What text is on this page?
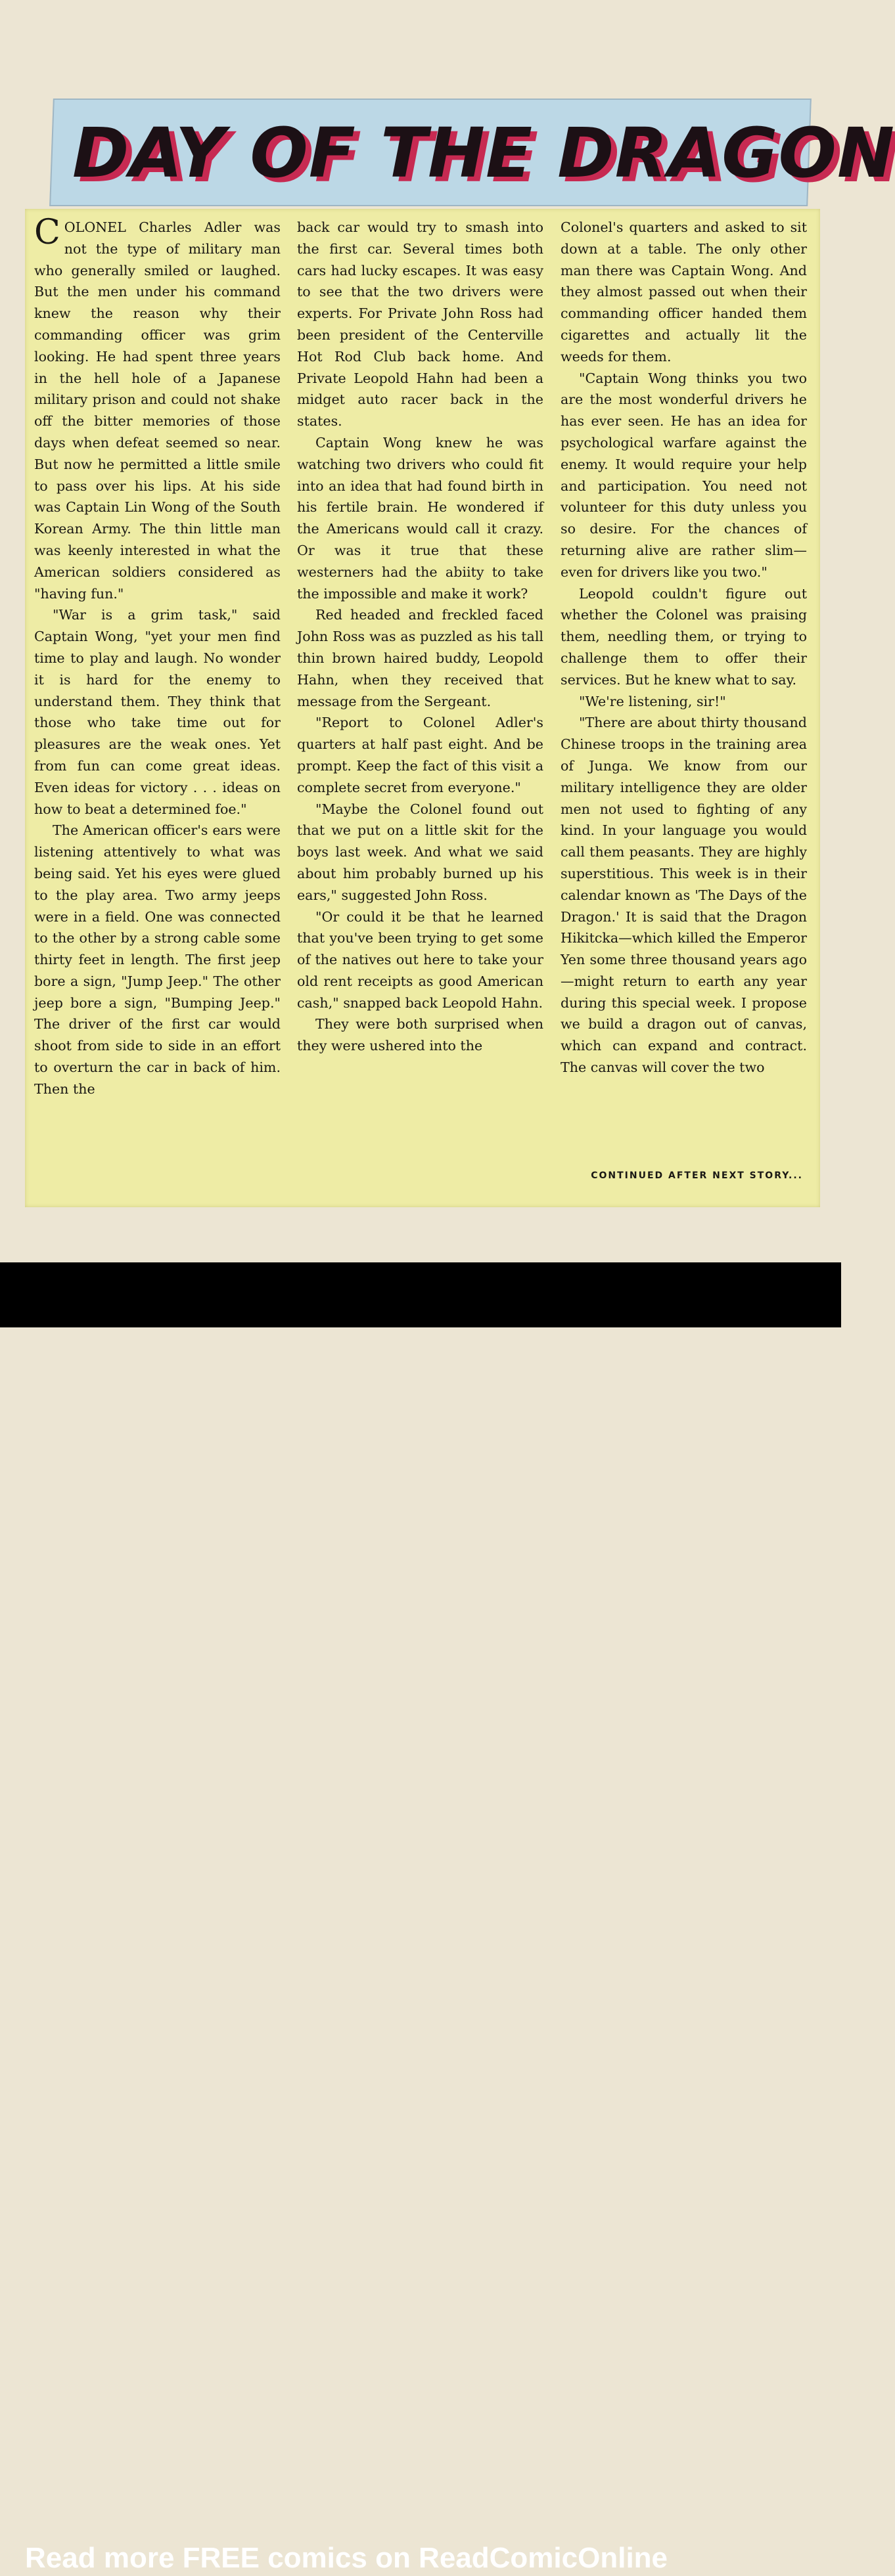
DAY OF THE DRAGON

COLONEL Charles Adler was not the type of military man who generally smiled or laughed. But the men under his command knew the reason why their commanding officer was grim looking. He had spent three years in the hell hole of a Japanese military prison and could not shake off the bitter memories of those days when defeat seemed so near. But now he permitted a little smile to pass over his lips. At his side was Captain Lin Wong of the South Korean Army. The thin little man was keenly interested in what the American soldiers considered as "having fun."

"War is a grim task," said Captain Wong, "yet your men find time to play and laugh. No wonder it is hard for the enemy to understand them. They think that those who take time out for pleasures are the weak ones. Yet from fun can come great ideas. Even ideas for victory . . . ideas on how to beat a determined foe."

The American officer's ears were listening attentively to what was being said. Yet his eyes were glued to the play area. Two army jeeps were in a field. One was connected to the other by a strong cable some thirty feet in length. The first jeep bore a sign, "Jump Jeep." The other jeep bore a sign, "Bumping Jeep." The driver of the first car would shoot from side to side in an effort to overturn the car in back of him. Then the

back car would try to smash into the first car. Several times both cars had lucky escapes. It was easy to see that the two drivers were experts. For Private John Ross had been president of the Centerville Hot Rod Club back home. And Private Leopold Hahn had been a midget auto racer back in the states.

Captain Wong knew he was watching two drivers who could fit into an idea that had found birth in his fertile brain. He wondered if the Americans would call it crazy. Or was it true that these westerners had the abiity to take the impossible and make it work?

Red headed and freckled faced John Ross was as puzzled as his tall thin brown haired buddy, Leopold Hahn, when they received that message from the Sergeant.

"Report to Colonel Adler's quarters at half past eight. And be prompt. Keep the fact of this visit a complete secret from everyone."

"Maybe the Colonel found out that we put on a little skit for the boys last week. And what we said about him probably burned up his ears," suggested John Ross.

"Or could it be that he learned that you've been trying to get some of the natives out here to take your old rent receipts as good American cash," snapped back Leopold Hahn.

They were both surprised when they were ushered into the

Colonel's quarters and asked to sit down at a table. The only other man there was Captain Wong. And they almost passed out when their commanding officer handed them cigarettes and actually lit the weeds for them.

"Captain Wong thinks you two are the most wonderful drivers he has ever seen. He has an idea for psychological warfare against the enemy. It would require your help and participation. You need not volunteer for this duty unless you so desire. For the chances of returning alive are rather slim—even for drivers like you two."

Leopold couldn't figure out whether the Colonel was praising them, needling them, or trying to challenge them to offer their services. But he knew what to say.

"We're listening, sir!"

"There are about thirty thousand Chinese troops in the training area of Junga. We know from our military intelligence they are older men not used to fighting of any kind. In your language you would call them peasants. They are highly superstitious. This week is in their calendar known as 'The Days of the Dragon.' It is said that the Dragon Hikitcka—which killed the Emperor Yen some three thousand years ago—might return to earth any year during this special week. I propose we build a dragon out of canvas, which can expand and contract. The canvas will cover the two

CONTINUED AFTER NEXT STORY...
Read more FREE comics on ReadComicOnline
